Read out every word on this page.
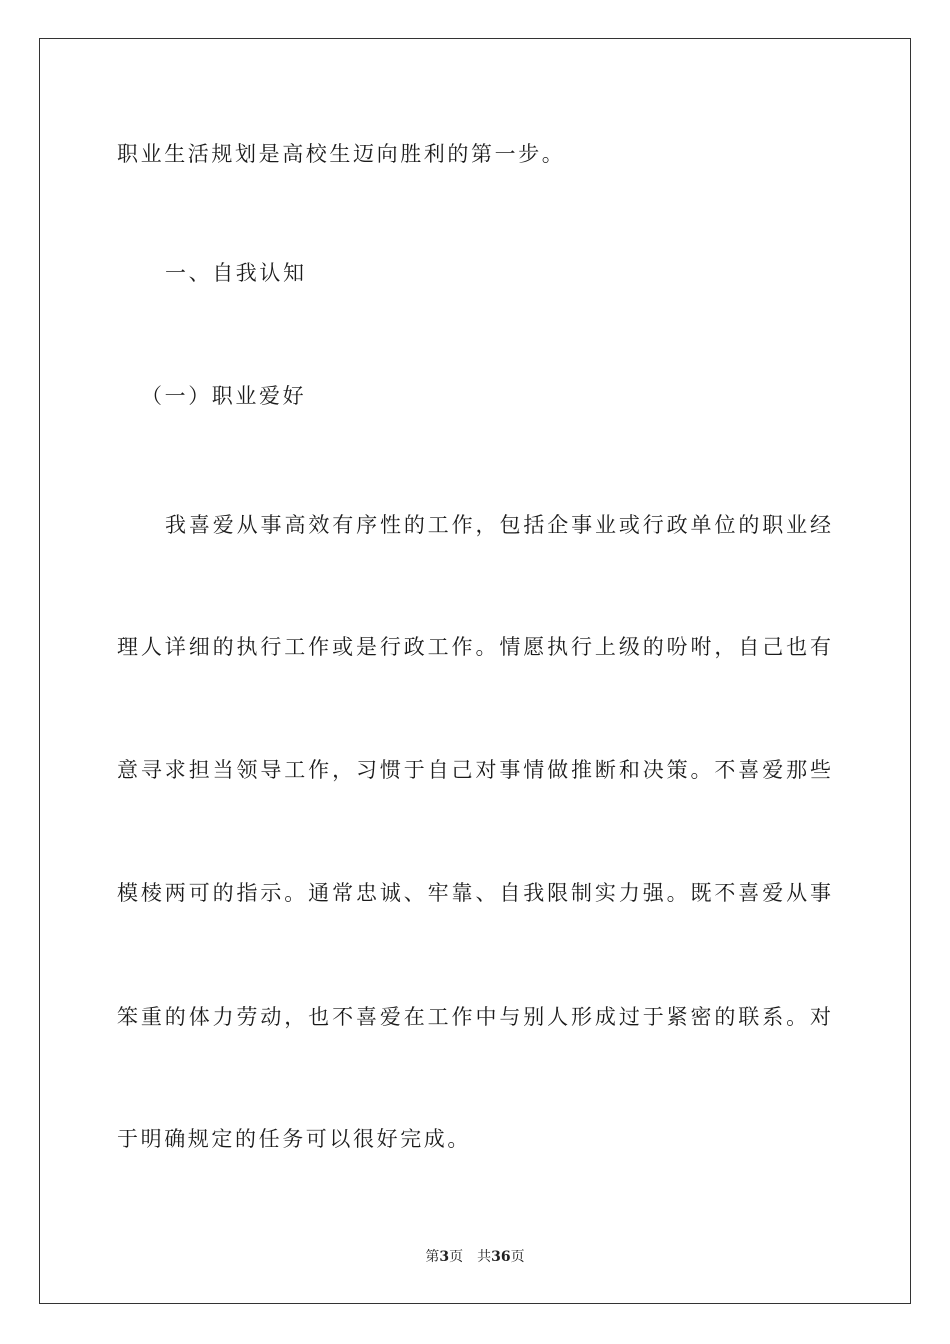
职业生活规划是高校生迈向胜利的第一步。
一、自我认知
（一）职业爱好
我喜爱从事高效有序性的工作，包括企事业或行政单位的职业经
理人详细的执行工作或是行政工作。情愿执行上级的吩咐，自己也有
意寻求担当领导工作，习惯于自己对事情做推断和决策。不喜爱那些
模棱两可的指示。通常忠诚、牢靠、自我限制实力强。既不喜爱从事
笨重的体力劳动，也不喜爱在工作中与别人形成过于紧密的联系。对
于明确规定的任务可以很好完成。
第3页 共36页
